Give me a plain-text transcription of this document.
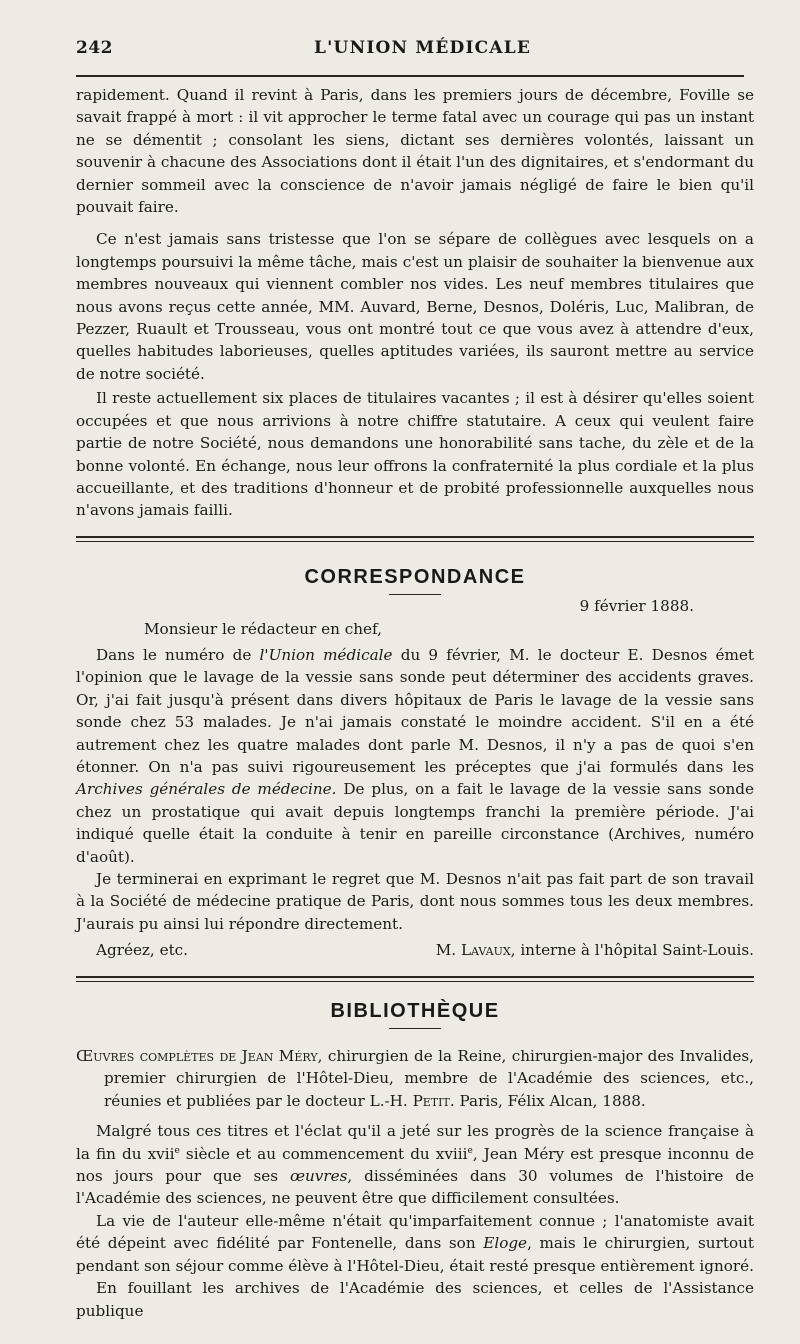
242	L'UNION MÉDICALE

rapidement. Quand il revint à Paris, dans les premiers jours de décembre, Foville se savait frappé à mort : il vit approcher le terme fatal avec un courage qui pas un instant ne se démentit ; consolant les siens, dictant ses dernières volontés, laissant un souvenir à chacune des Associations dont il était l'un des dignitaires, et s'endormant du dernier sommeil avec la conscience de n'avoir jamais négligé de faire le bien qu'il pouvait faire.

Ce n'est jamais sans tristesse que l'on se sépare de collègues avec lesquels on a longtemps poursuivi la même tâche, mais c'est un plaisir de souhaiter la bienvenue aux membres nouveaux qui viennent combler nos vides. Les neuf membres titulaires que nous avons reçus cette année, MM. Auvard, Berne, Desnos, Doléris, Luc, Malibran, de Pezzer, Ruault et Trousseau, vous ont montré tout ce que vous avez à attendre d'eux, quelles habitudes laborieuses, quelles aptitudes variées, ils sauront mettre au service de notre société.

Il reste actuellement six places de titulaires vacantes ; il est à désirer qu'elles soient occupées et que nous arrivions à notre chiffre statutaire. A ceux qui veulent faire partie de notre Société, nous demandons une honorabilité sans tache, du zèle et de la bonne volonté. En échange, nous leur offrons la confraternité la plus cordiale et la plus accueillante, et des traditions d'honneur et de probité professionnelle auxquelles nous n'avons jamais failli.

CORRESPONDANCE
9 février 1888.
Monsieur le rédacteur en chef,

Dans le numéro de l'Union médicale du 9 février, M. le docteur E. Desnos émet l'opinion que le lavage de la vessie sans sonde peut déterminer des accidents graves. Or, j'ai fait jusqu'à présent dans divers hôpitaux de Paris le lavage de la vessie sans sonde chez 53 malades. Je n'ai jamais constaté le moindre accident. S'il en a été autrement chez les quatre malades dont parle M. Desnos, il n'y a pas de quoi s'en étonner. On n'a pas suivi rigoureusement les préceptes que j'ai formulés dans les Archives générales de médecine. De plus, on a fait le lavage de la vessie sans sonde chez un prostatique qui avait depuis longtemps franchi la première période. J'ai indiqué quelle était la conduite à tenir en pareille circonstance (Archives, numéro d'août).

Je terminerai en exprimant le regret que M. Desnos n'ait pas fait part de son travail à la Société de médecine pratique de Paris, dont nous sommes tous les deux membres. J'aurais pu ainsi lui répondre directement.

Agréez, etc.	M. Lavaux, interne à l'hôpital Saint-Louis.
BIBLIOTHÈQUE

Œuvres complètes de Jean Méry, chirurgien de la Reine, chirurgien-major des Invalides, premier chirurgien de l'Hôtel-Dieu, membre de l'Académie des sciences, etc., réunies et publiées par le docteur L.-H. Petit. Paris, Félix Alcan, 1888.

Malgré tous ces titres et l'éclat qu'il a jeté sur les progrès de la science française à la fin du xvii$^e$ siècle et au commencement du xviii$^e$, Jean Méry est presque inconnu de nos jours pour que ses œuvres, disséminées dans 30 volumes de l'histoire de l'Académie des sciences, ne peuvent être que difficilement consultées.

La vie de l'auteur elle-même n'était qu'imparfaitement connue ; l'anatomiste avait été dépeint avec fidélité par Fontenelle, dans son Eloge, mais le chirurgien, surtout pendant son séjour comme élève à l'Hôtel-Dieu, était resté presque entièrement ignoré.

En fouillant les archives de l'Académie des sciences, et celles de l'Assistance publique
